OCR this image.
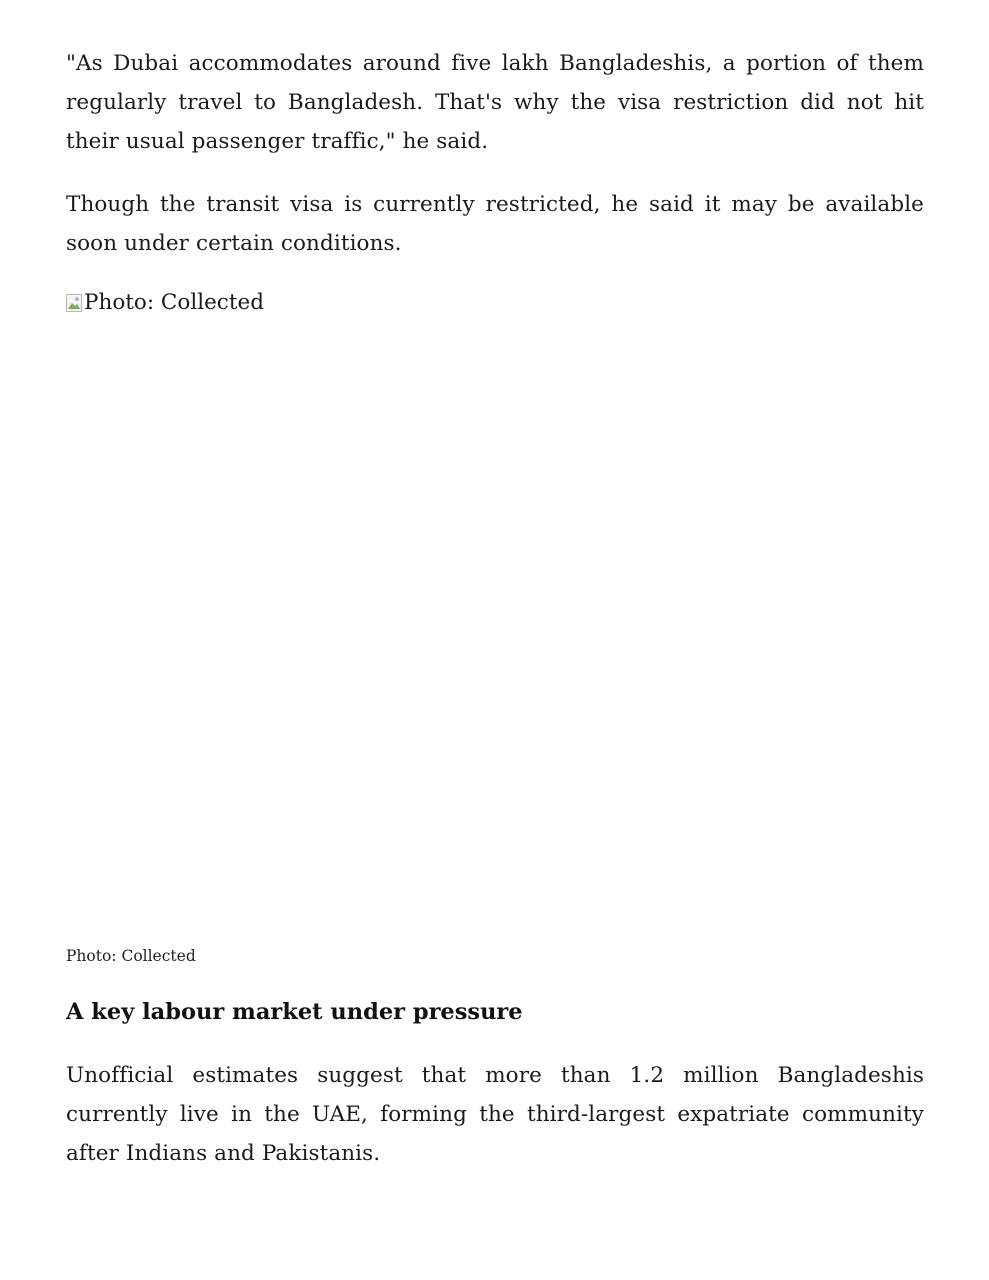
"As Dubai accommodates around five lakh Bangladeshis, a portion of them regularly travel to Bangladesh. That's why the visa restriction did not hit their usual passenger traffic," he said.

Though the transit visa is currently restricted, he said it may be available soon under certain conditions.

Photo: Collected
Photo: Collected
A key labour market under pressure

Unofficial estimates suggest that more than 1.2 million Bangladeshis currently live in the UAE, forming the third-largest expatriate community after Indians and Pakistanis.
